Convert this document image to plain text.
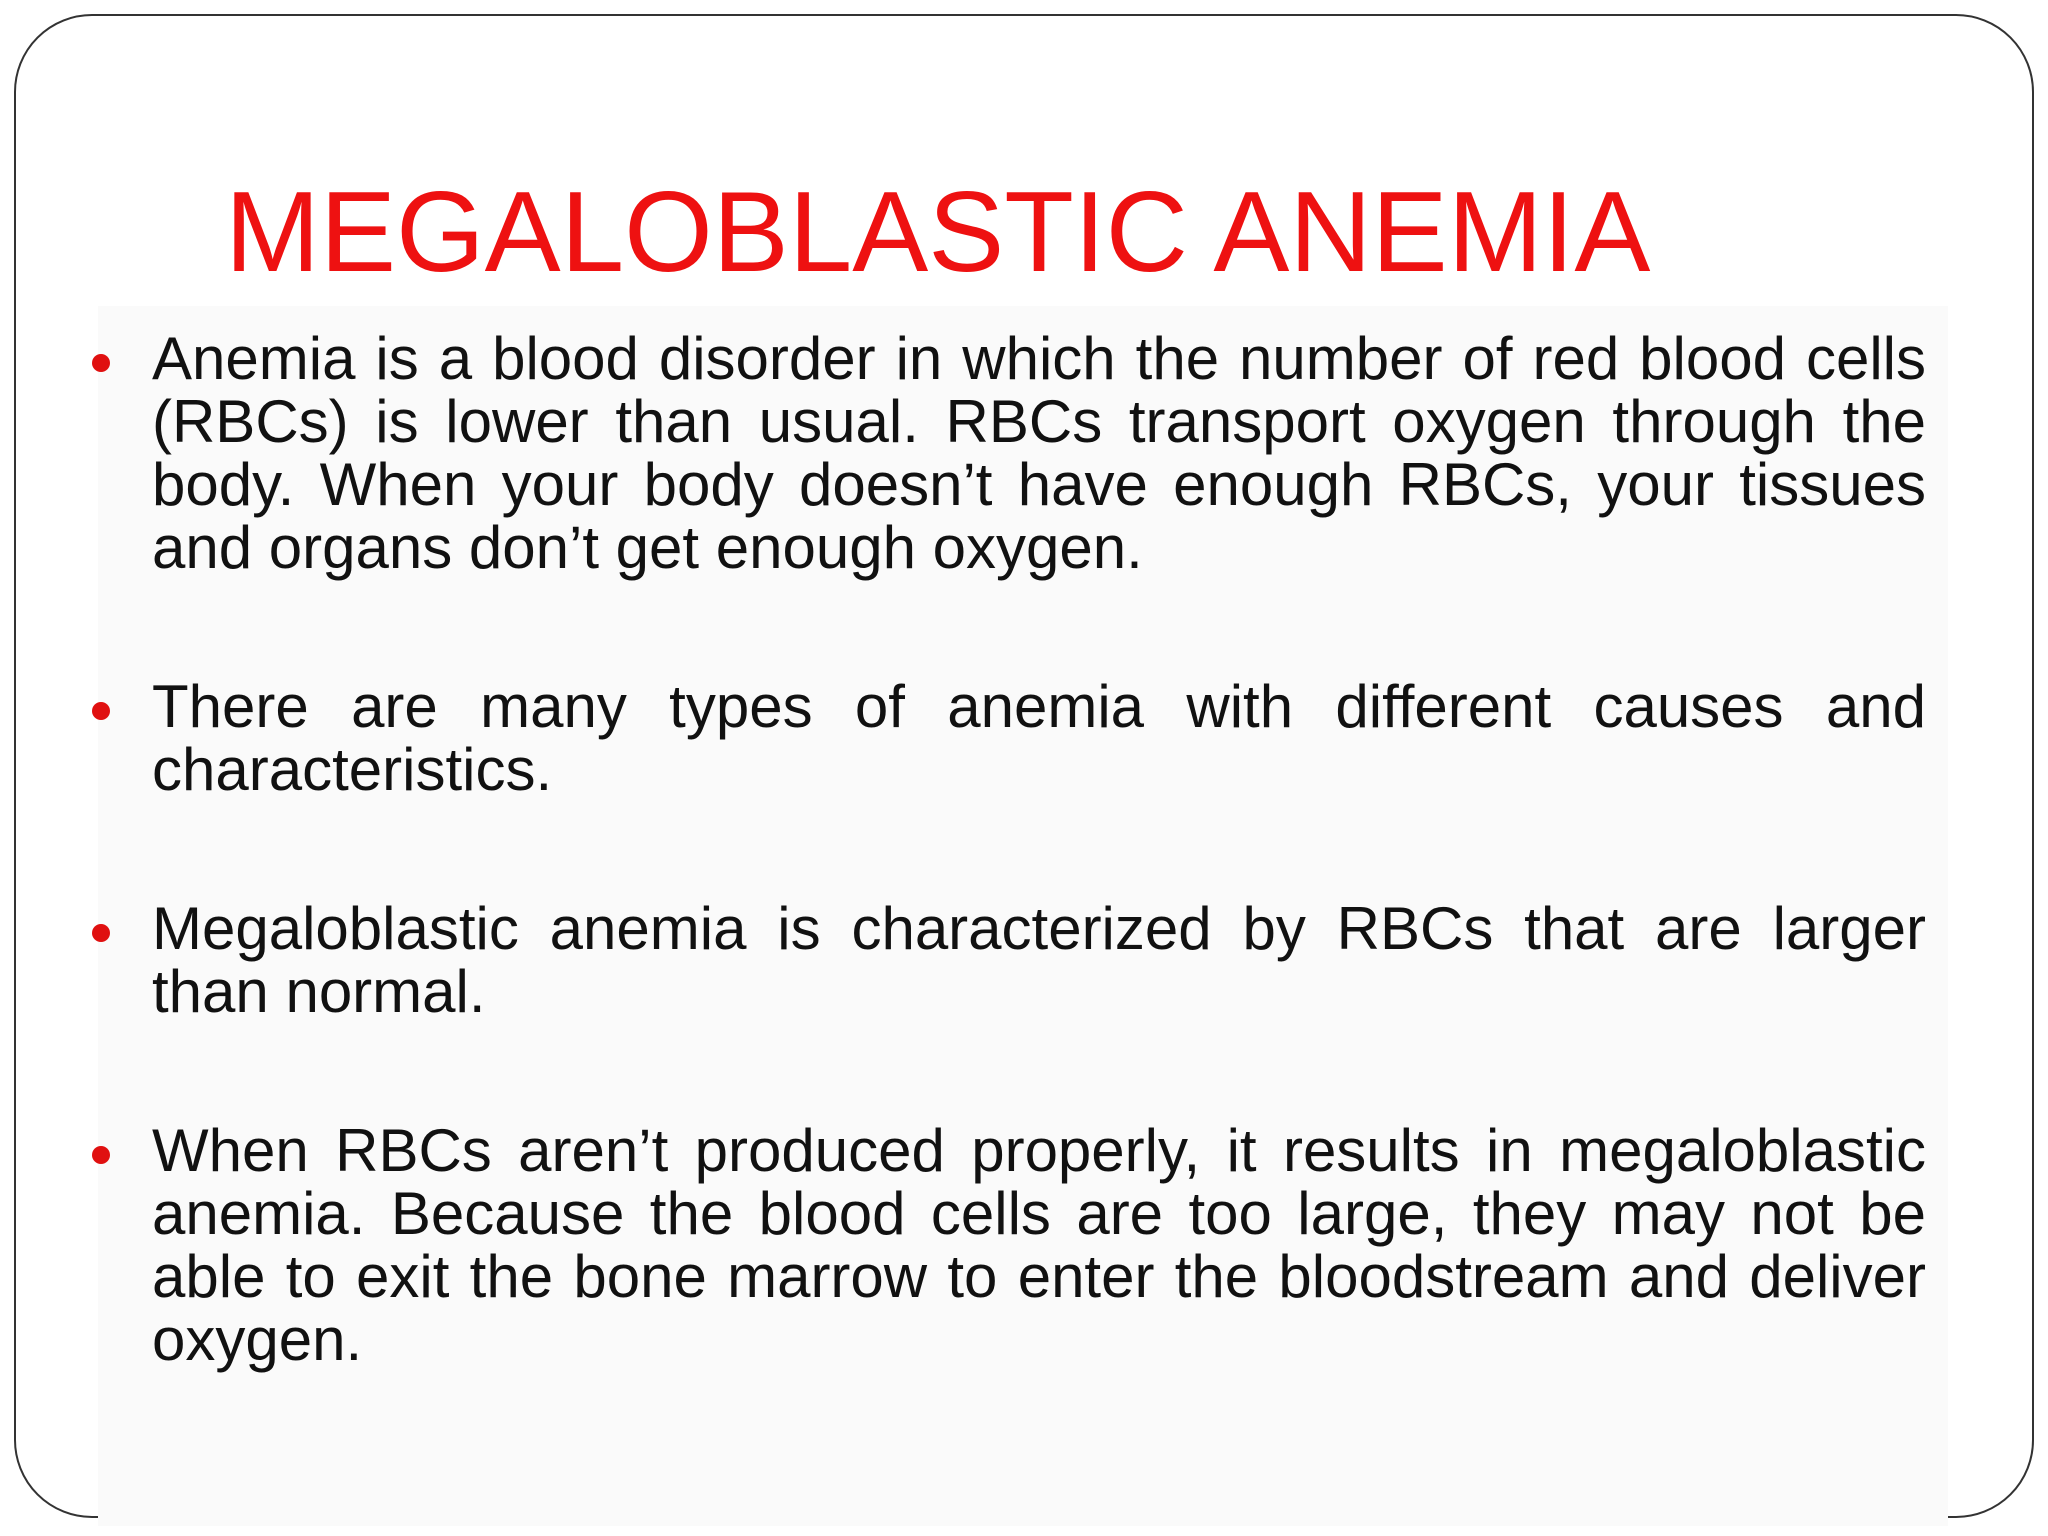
MEGALOBLASTIC ANEMIA
Anemia is a blood disorder in which the number of red blood cells (RBCs) is lower than usual. RBCs transport oxygen through the body. When your body doesn’t have enough RBCs, your tissues and organs don’t get enough oxygen.
There are many types of anemia with different causes and characteristics.
Megaloblastic anemia is characterized by RBCs that are larger than normal.
When RBCs aren’t produced properly, it results in megaloblastic anemia. Because the blood cells are too large, they may not be able to exit the bone marrow to enter the bloodstream and deliver oxygen.
